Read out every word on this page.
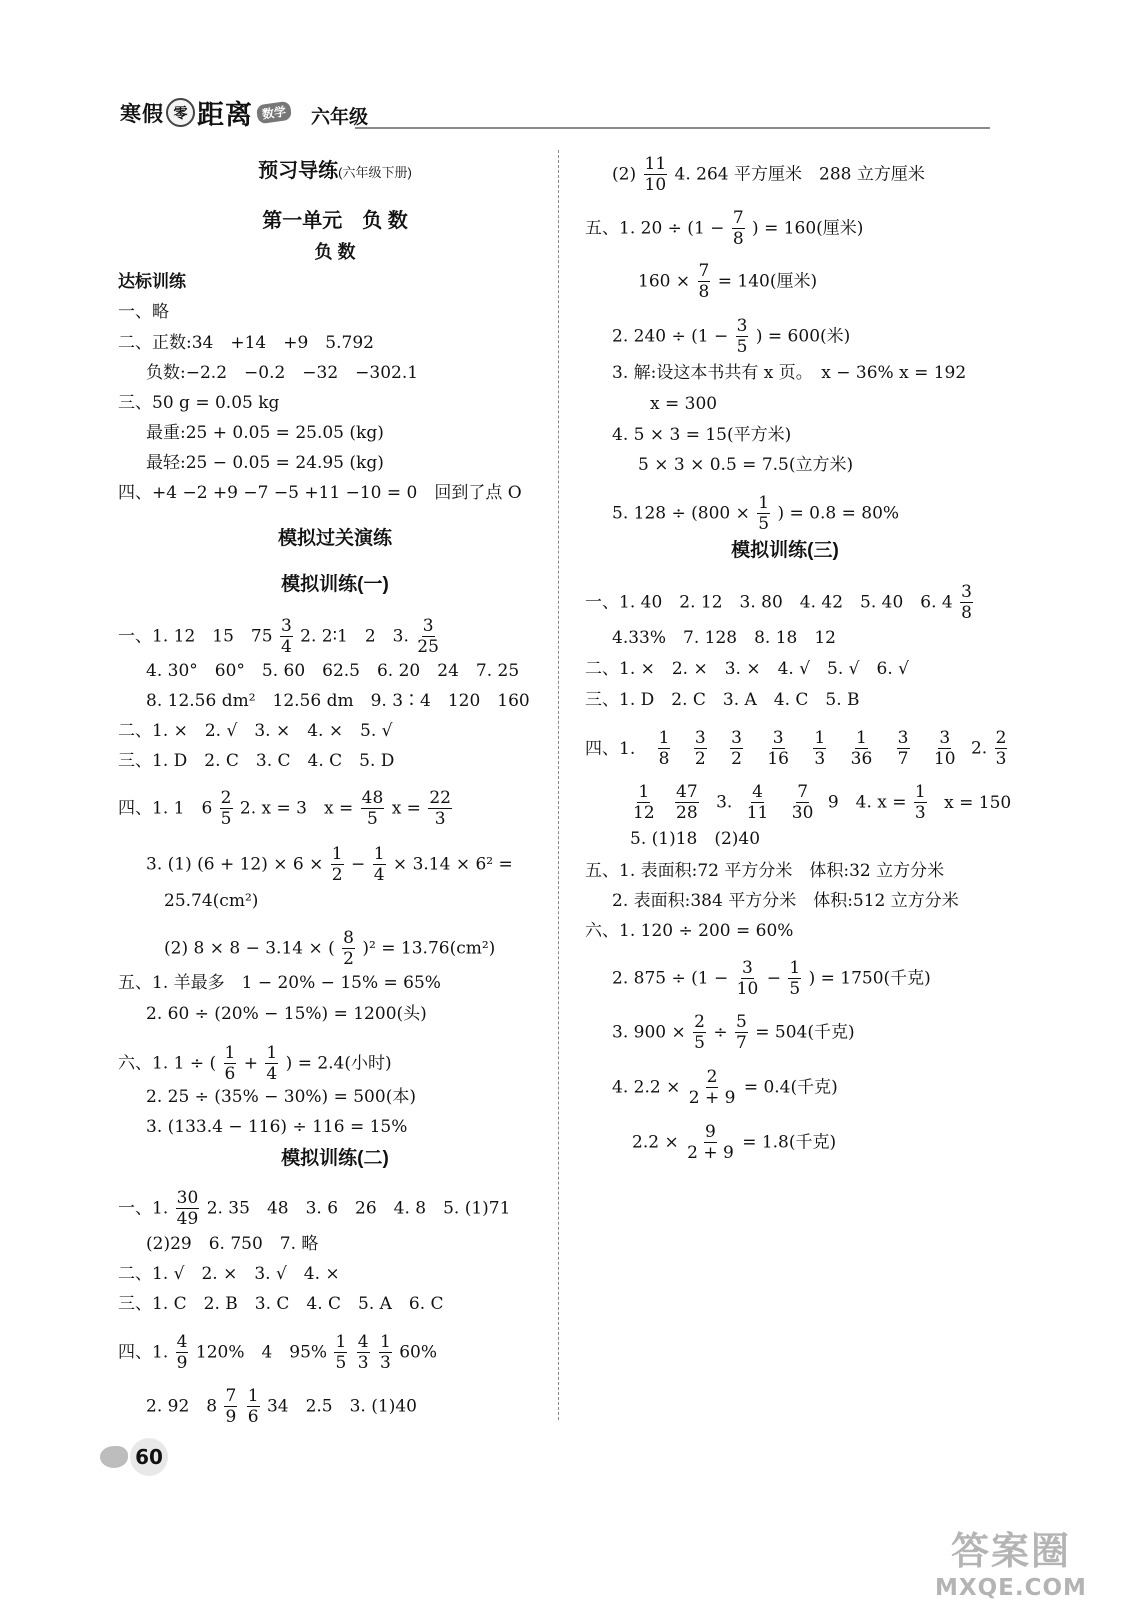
寒假 零 距离 数学 六年级
预习导练(六年级下册)
第一单元　负 数
负 数
达标训练
一、略
二、正数:34　+14　+9　5.792
负数:−2.2　−0.2　−32　−302.1
三、50 g = 0.05 kg
最重:25 + 0.05 = 25.05 (kg)
最轻:25 − 0.05 = 24.95 (kg)
四、+4 −2 +9 −7 −5 +11 −10 = 0　回到了点 O
模拟过关演练
模拟训练(一)
一、1. 12　15　$75 \frac{3}{4} 2$. 2∶1　2　3. $\frac{3}{25}$
4. 30°　60°　5. 60　62.5　6. 20　24　7. 25
8. 12.56 dm²　12.56 dm　9. 3∶4　120　160
二、1. ×　2. √　3. ×　4. ×　5. √
三、1. D　2. C　3. C　4. C　5. D
四、1. 1　$6 \frac{2}{5} 2$. x = 3　$x = \frac{48}{5}$ $x = \frac{22}{3}$
3. (1) $(6 + 12) \times 6 \times \frac{1}{2} - \frac{1}{4} \times 3.14 \times 6^2$ =
25.74(cm²)
(2) 8 × 8 − 3.14 × ( $\frac{8}{2} )^2 = 13.76(cm^2)$
五、1. 羊最多　1 − 20% − 15% = 65%
2. 60 ÷ (20% − 15%) = 1200(头)
六、1. 1 ÷ ( $\frac{1}{6} + \frac{1}{4}$ ) = 2.4(小时)
2. 25 ÷ (35% − 30%) = 500(本)
3. (133.4 − 116) ÷ 116 = 15%
模拟训练(二)
一、1. $\frac{30}{49} 2$. 35　48　3. 6　26　4. 8　5. (1)71
(2)29　6. 750　7. 略
二、1. √　2. ×　3. √　4. ×
三、1. C　2. B　3. C　4. C　5. A　6. C
四、1. $\frac{4}{9} 120\%$　4　$95\% \frac{1}{5}$
$\frac{4}{3}$
$\frac{1}{3} 60\%$
2. 92　$8 \frac{7}{9}$
$\frac{1}{6} 34$　2.5　3. (1)40
$(2) \frac{11}{10} 4$. 264 平方厘米　288 立方厘米
五、1. $20 \div (1 - \frac{7}{8}$ ) = 160(厘米)
$160 \times \frac{7}{8} = 140$(厘米)
2. $240 \div (1 - \frac{3}{5}$ ) = 600(米)
3. 解:设这本书共有 x 页。　x − 36% x = 192
x = 300
4. 5 × 3 = 15(平方米)
5 × 3 × 0.5 = 7.5(立方米)
5. $128 \div (800 \times \frac{1}{5}$ ) = 0.8 = 80%
模拟训练(三)
一、1. 40　2. 12　3. 80　4. 42　5. 40　6. $4 \frac{3}{8}$
4.33%　7. 128　8. 18　12
二、1. ×　2. ×　3. ×　4. √　5. √　6. √
三、1. D　2. C　3. A　4. C　5. B
四、1. $\frac{1}{8}$
$\frac{3}{2}$
$\frac{3}{2}$
$\frac{3}{16}$
$\frac{1}{3}$
$\frac{1}{36}$
$\frac{3}{7}$
$\frac{3}{10} 2$. $\frac{2}{3}$
$\frac{1}{12}$
$\frac{47}{28} 3$. $\frac{4}{11}$
$\frac{7}{30} 9$　4. $x = \frac{1}{3}$ x = 150
5. (1)18　(2)40
五、1. 表面积:72 平方分米　体积:32 立方分米
2. 表面积:384 平方分米　体积:512 立方分米
六、1. 120 ÷ 200 = 60%
2. $875 \div (1 - \frac{3}{10} - \frac{1}{5}$ ) = 1750(千克)
3. $900 \times \frac{2}{5} \div \frac{5}{7} = 504$(千克)
4. $2.2 \times \frac{2}{2 + 9} = 0.4$(千克)
$2.2 \times \frac{9}{2 + 9} = 1.8$(千克)
60
答案圈
MXQE.COM
